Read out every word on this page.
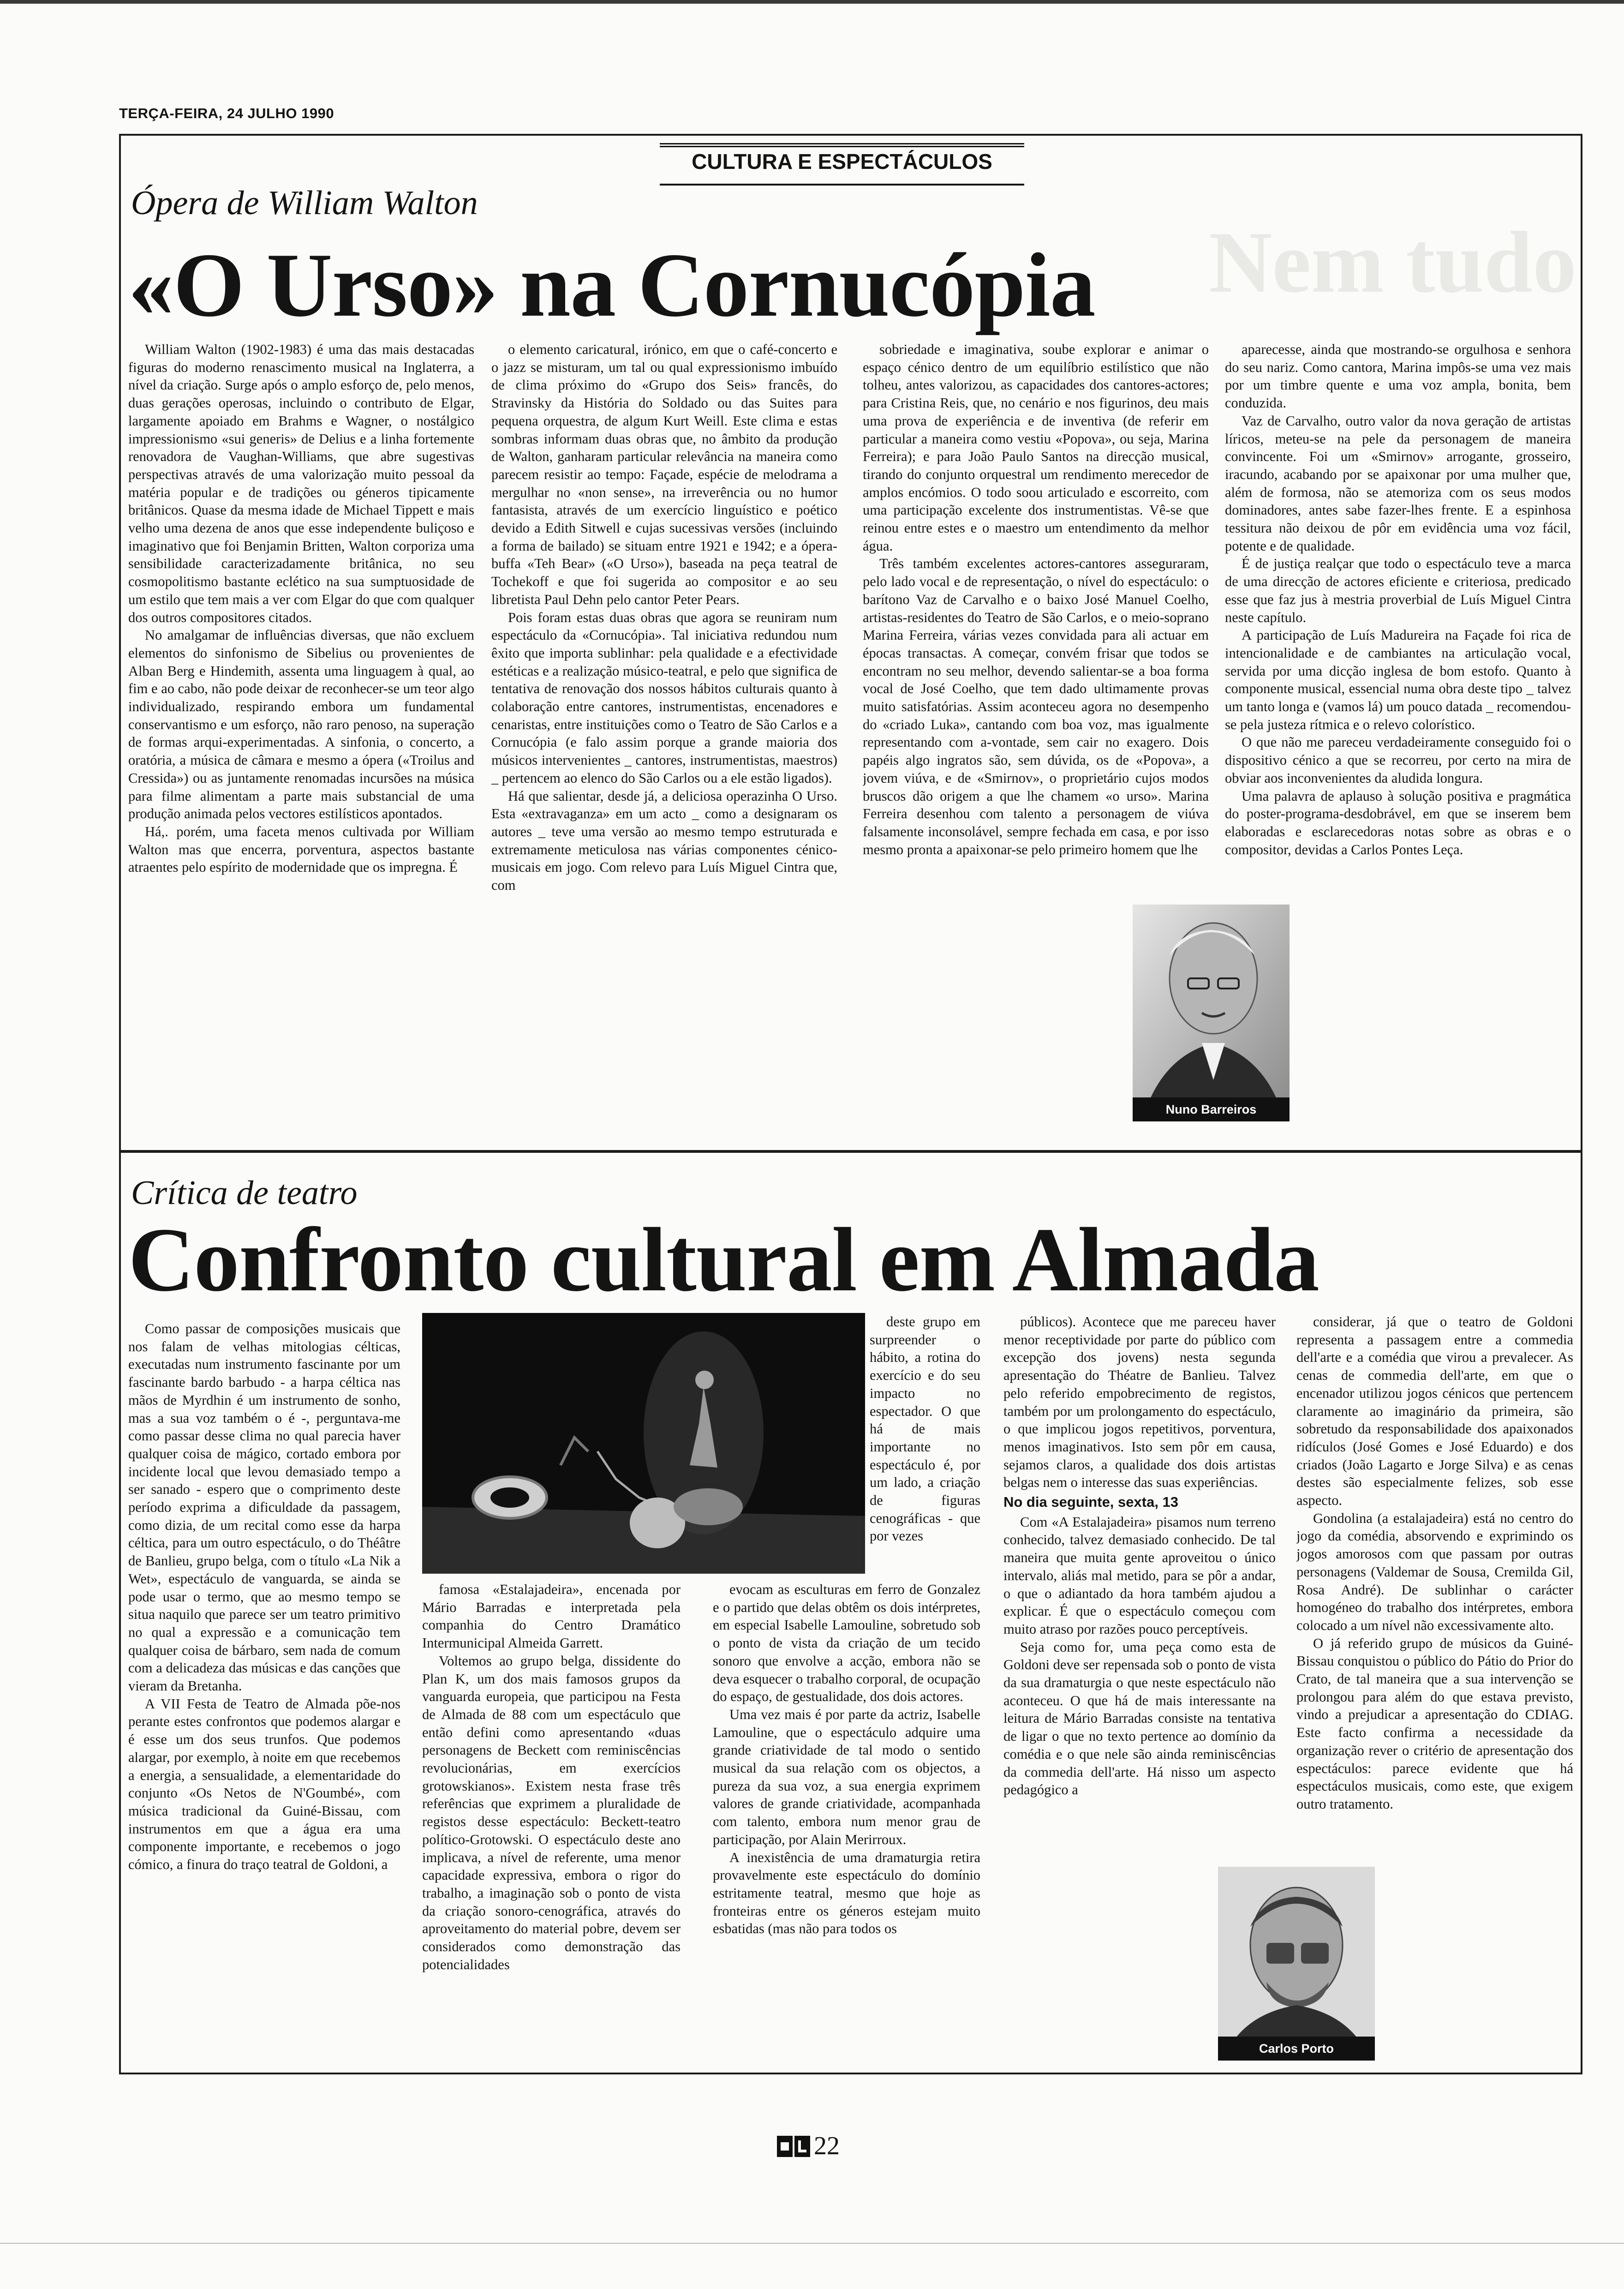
TERÇA-FEIRA, 24 JULHO 1990
Nem tudo
CULTURA E ESPECTÁCULOS
Ópera de William Walton
«O Urso» na Cornucópia

William Walton (1902-1983) é uma das mais destacadas figuras do moderno renascimento musical na Inglaterra, a nível da criação. Surge após o amplo esforço de, pelo menos, duas gerações operosas, incluindo o contributo de Elgar, largamente apoiado em Brahms e Wagner, o nostálgico impressionismo «sui generis» de Delius e a linha fortemente renovadora de Vaughan-Williams, que abre sugestivas perspectivas através de uma valorização muito pessoal da matéria popular e de tradições ou géneros tipicamente britânicos. Quase da mesma idade de Michael Tippett e mais velho uma dezena de anos que esse independente buliçoso e imaginativo que foi Benjamin Britten, Walton corporiza uma sensibilidade caracterizadamente britânica, no seu cosmopolitismo bastante eclético na sua sumptuosidade de um estilo que tem mais a ver com Elgar do que com qualquer dos outros compositores citados.

No amalgamar de influências diversas, que não excluem elementos do sinfonismo de Sibelius ou provenientes de Alban Berg e Hindemith, assenta uma linguagem à qual, ao fim e ao cabo, não pode deixar de reconhecer-se um teor algo individualizado, respirando embora um fundamental conservantismo e um esforço, não raro penoso, na superação de formas arqui-experimentadas. A sinfonia, o concerto, a oratória, a música de câmara e mesmo a ópera («Troilus and Cressida») ou as juntamente renomadas incursões na música para filme alimentam a parte mais substancial de uma produção animada pelos vectores estilísticos apontados.

Há,. porém, uma faceta menos cultivada por William Walton mas que encerra, porventura, aspectos bastante atraentes pelo espírito de modernidade que os impregna. É

o elemento caricatural, irónico, em que o café-concerto e o jazz se misturam, um tal ou qual expressionismo imbuído de clima próximo do «Grupo dos Seis» francês, do Stravinsky da História do Soldado ou das Suites para pequena orquestra, de algum Kurt Weill. Este clima e estas sombras informam duas obras que, no âmbito da produção de Walton, ganharam particular relevância na maneira como parecem resistir ao tempo: Façade, espécie de melodrama a mergulhar no «non sense», na irreverência ou no humor fantasista, através de um exercício linguístico e poético devido a Edith Sitwell e cujas sucessivas versões (incluindo a forma de bailado) se situam entre 1921 e 1942; e a ópera-buffa «Teh Bear» («O Urso»), baseada na peça teatral de Tochekoff e que foi sugerida ao compositor e ao seu libretista Paul Dehn pelo cantor Peter Pears.

Pois foram estas duas obras que agora se reuniram num espectáculo da «Cornucópia». Tal iniciativa redundou num êxito que importa sublinhar: pela qualidade e a efectividade estéticas e a realização músico-teatral, e pelo que significa de tentativa de renovação dos nossos hábitos culturais quanto à colaboração entre cantores, instrumentistas, encenadores e cenaristas, entre instituições como o Teatro de São Carlos e a Cornucópia (e falo assim porque a grande maioria dos músicos intervenientes _ cantores, instrumentistas, maestros) _ pertencem ao elenco do São Carlos ou a ele estão ligados).

Há que salientar, desde já, a deliciosa operazinha O Urso. Esta «extravaganza» em um acto _ como a designaram os autores _ teve uma versão ao mesmo tempo estruturada e extremamente meticulosa nas várias componentes cénico-musicais em jogo. Com relevo para Luís Miguel Cintra que, com

sobriedade e imaginativa, soube explorar e animar o espaço cénico dentro de um equilíbrio estilístico que não tolheu, antes valorizou, as capacidades dos cantores-actores; para Cristina Reis, que, no cenário e nos figurinos, deu mais uma prova de experiência e de inventiva (de referir em particular a maneira como vestiu «Popova», ou seja, Marina Ferreira); e para João Paulo Santos na direcção musical, tirando do conjunto orquestral um rendimento merecedor de amplos encómios. O todo soou articulado e escorreito, com uma participação excelente dos instrumentistas. Vê-se que reinou entre estes e o maestro um entendimento da melhor água.

Três também excelentes actores-cantores asseguraram, pelo lado vocal e de representação, o nível do espectáculo: o barítono Vaz de Carvalho e o baixo José Manuel Coelho, artistas-residentes do Teatro de São Carlos, e o meio-soprano Marina Ferreira, várias vezes convidada para ali actuar em épocas transactas. A começar, convém frisar que todos se encontram no seu melhor, devendo salientar-se a boa forma vocal de José Coelho, que tem dado ultimamente provas muito satisfatórias. Assim aconteceu agora no desempenho do «criado Luka», cantando com boa voz, mas igualmente representando com a-vontade, sem cair no exagero. Dois papéis algo ingratos são, sem dúvida, os de «Popova», a jovem viúva, e de «Smirnov», o proprietário cujos modos bruscos dão origem a que lhe chamem «o urso». Marina Ferreira desenhou com talento a personagem de viúva falsamente inconsolável, sempre fechada em casa, e por isso mesmo pronta a apaixonar-se pelo primeiro homem que lhe

aparecesse, ainda que mostrando-se orgulhosa e senhora do seu nariz. Como cantora, Marina impôs-se uma vez mais por um timbre quente e uma voz ampla, bonita, bem conduzida.

Vaz de Carvalho, outro valor da nova geração de artistas líricos, meteu-se na pele da personagem de maneira convincente. Foi um «Smirnov» arrogante, grosseiro, iracundo, acabando por se apaixonar por uma mulher que, além de formosa, não se atemoriza com os seus modos dominadores, antes sabe fazer-lhes frente. E a espinhosa tessitura não deixou de pôr em evidência uma voz fácil, potente e de qualidade.

É de justiça realçar que todo o espectáculo teve a marca de uma direcção de actores eficiente e criteriosa, predicado esse que faz jus à mestria proverbial de Luís Miguel Cintra neste capítulo.

A participação de Luís Madureira na Façade foi rica de intencionalidade e de cambiantes na articulação vocal, servida por uma dicção inglesa de bom estofo. Quanto à componente musical, essencial numa obra deste tipo _ talvez um tanto longa e (vamos lá) um pouco datada _ recomendou-se pela justeza rítmica e o relevo colorístico.

O que não me pareceu verdadeiramente conseguido foi o dispositivo cénico a que se recorreu, por certo na mira de obviar aos inconvenientes da aludida longura.

Uma palavra de aplauso à solução positiva e pragmática do poster-programa-desdobrável, em que se inserem bem elaboradas e esclarecedoras notas sobre as obras e o compositor, devidas a Carlos Pontes Leça.

Nuno Barreiros
Crítica de teatro
Confronto cultural em Almada

Como passar de composições musicais que nos falam de velhas mitologias célticas, executadas num instrumento fascinante por um fascinante bardo barbudo - a harpa céltica nas mãos de Myrdhin é um instrumento de sonho, mas a sua voz também o é -, perguntava-me como passar desse clima no qual parecia haver qualquer coisa de mágico, cortado embora por incidente local que levou demasiado tempo a ser sanado - espero que o comprimento deste período exprima a dificuldade da passagem, como dizia, de um recital como esse da harpa céltica, para um outro espectáculo, o do Théâtre de Banlieu, grupo belga, com o título «La Nik a Wet», espectáculo de vanguarda, se ainda se pode usar o termo, que ao mesmo tempo se situa naquilo que parece ser um teatro primitivo no qual a expressão e a comunicação tem qualquer coisa de bárbaro, sem nada de comum com a delicadeza das músicas e das canções que vieram da Bretanha.

A VII Festa de Teatro de Almada põe-nos perante estes confrontos que podemos alargar e é esse um dos seus trunfos. Que podemos alargar, por exemplo, à noite em que recebemos a energia, a sensualidade, a elementaridade do conjunto «Os Netos de N'Goumbé», com música tradicional da Guiné-Bissau, com instrumentos em que a água era uma componente importante, e recebemos o jogo cómico, a finura do traço teatral de Goldoni, a

deste grupo em surpreender o hábito, a rotina do exercício e do seu impacto no espectador. O que há de mais importante no espectáculo é, por um lado, a criação de figuras cenográficas - que por vezes

famosa «Estalajadeira», encenada por Mário Barradas e interpretada pela companhia do Centro Dramático Intermunicipal Almeida Garrett.

Voltemos ao grupo belga, dissidente do Plan K, um dos mais famosos grupos da vanguarda europeia, que participou na Festa de Almada de 88 com um espectáculo que então defini como apresentando «duas personagens de Beckett com reminiscências revolucionárias, em exercícios grotowskianos». Existem nesta frase três referências que exprimem a pluralidade de registos desse espectáculo: Beckett-teatro político-Grotowski. O espectáculo deste ano implicava, a nível de referente, uma menor capacidade expressiva, embora o rigor do trabalho, a imaginação sob o ponto de vista da criação sonoro-cenográfica, através do aproveitamento do material pobre, devem ser considerados como demonstração das potencialidades

evocam as esculturas em ferro de Gonzalez e o partido que delas obtêm os dois intérpretes, em especial Isabelle Lamouline, sobretudo sob o ponto de vista da criação de um tecido sonoro que envolve a acção, embora não se deva esquecer o trabalho corporal, de ocupação do espaço, de gestualidade, dos dois actores.

Uma vez mais é por parte da actriz, Isabelle Lamouline, que o espectáculo adquire uma grande criatividade de tal modo o sentido musical da sua relação com os objectos, a pureza da sua voz, a sua energia exprimem valores de grande criatividade, acompanhada com talento, embora num menor grau de participação, por Alain Merirroux.

A inexistência de uma dramaturgia retira provavelmente este espectáculo do domínio estritamente teatral, mesmo que hoje as fronteiras entre os géneros estejam muito esbatidas (mas não para todos os

públicos). Acontece que me pareceu haver menor receptividade por parte do público com excepção dos jovens) nesta segunda apresentação do Théatre de Banlieu. Talvez pelo referido empobrecimento de registos, também por um prolongamento do espectáculo, o que implicou jogos repetitivos, porventura, menos imaginativos. Isto sem pôr em causa, sejamos claros, a qualidade dos dois artistas belgas nem o interesse das suas experiências.

No dia seguinte, sexta, 13

Com «A Estalajadeira» pisamos num terreno conhecido, talvez demasiado conhecido. De tal maneira que muita gente aproveitou o único intervalo, aliás mal metido, para se pôr a andar, o que o adiantado da hora também ajudou a explicar. É que o espectáculo começou com muito atraso por razões pouco perceptíveis.

Seja como for, uma peça como esta de Goldoni deve ser repensada sob o ponto de vista da sua dramaturgia o que neste espectáculo não aconteceu. O que há de mais interessante na leitura de Mário Barradas consiste na tentativa de ligar o que no texto pertence ao domínio da comédia e o que nele são ainda reminiscências da commedia dell'arte. Há nisso um aspecto pedagógico a

considerar, já que o teatro de Goldoni representa a passagem entre a commedia dell'arte e a comédia que virou a prevalecer. As cenas de commedia dell'arte, em que o encenador utilizou jogos cénicos que pertencem claramente ao imaginário da primeira, são sobretudo da responsabilidade dos apaixonados ridículos (José Gomes e José Eduardo) e dos criados (João Lagarto e Jorge Silva) e as cenas destes são especialmente felizes, sob esse aspecto.

Gondolina (a estalajadeira) está no centro do jogo da comédia, absorvendo e exprimindo os jogos amorosos com que passam por outras personagens (Valdemar de Sousa, Cremilda Gil, Rosa André). De sublinhar o carácter homogéneo do trabalho dos intérpretes, embora colocado a um nível não excessivamente alto.

O já referido grupo de músicos da Guiné-Bissau conquistou o público do Pátio do Prior do Crato, de tal maneira que a sua intervenção se prolongou para além do que estava previsto, vindo a prejudicar a apresentação do CDIAG. Este facto confirma a necessidade da organização rever o critério de apresentação dos espectáculos: parece evidente que há espectáculos musicais, como este, que exigem outro tratamento.

Carlos Porto
22
